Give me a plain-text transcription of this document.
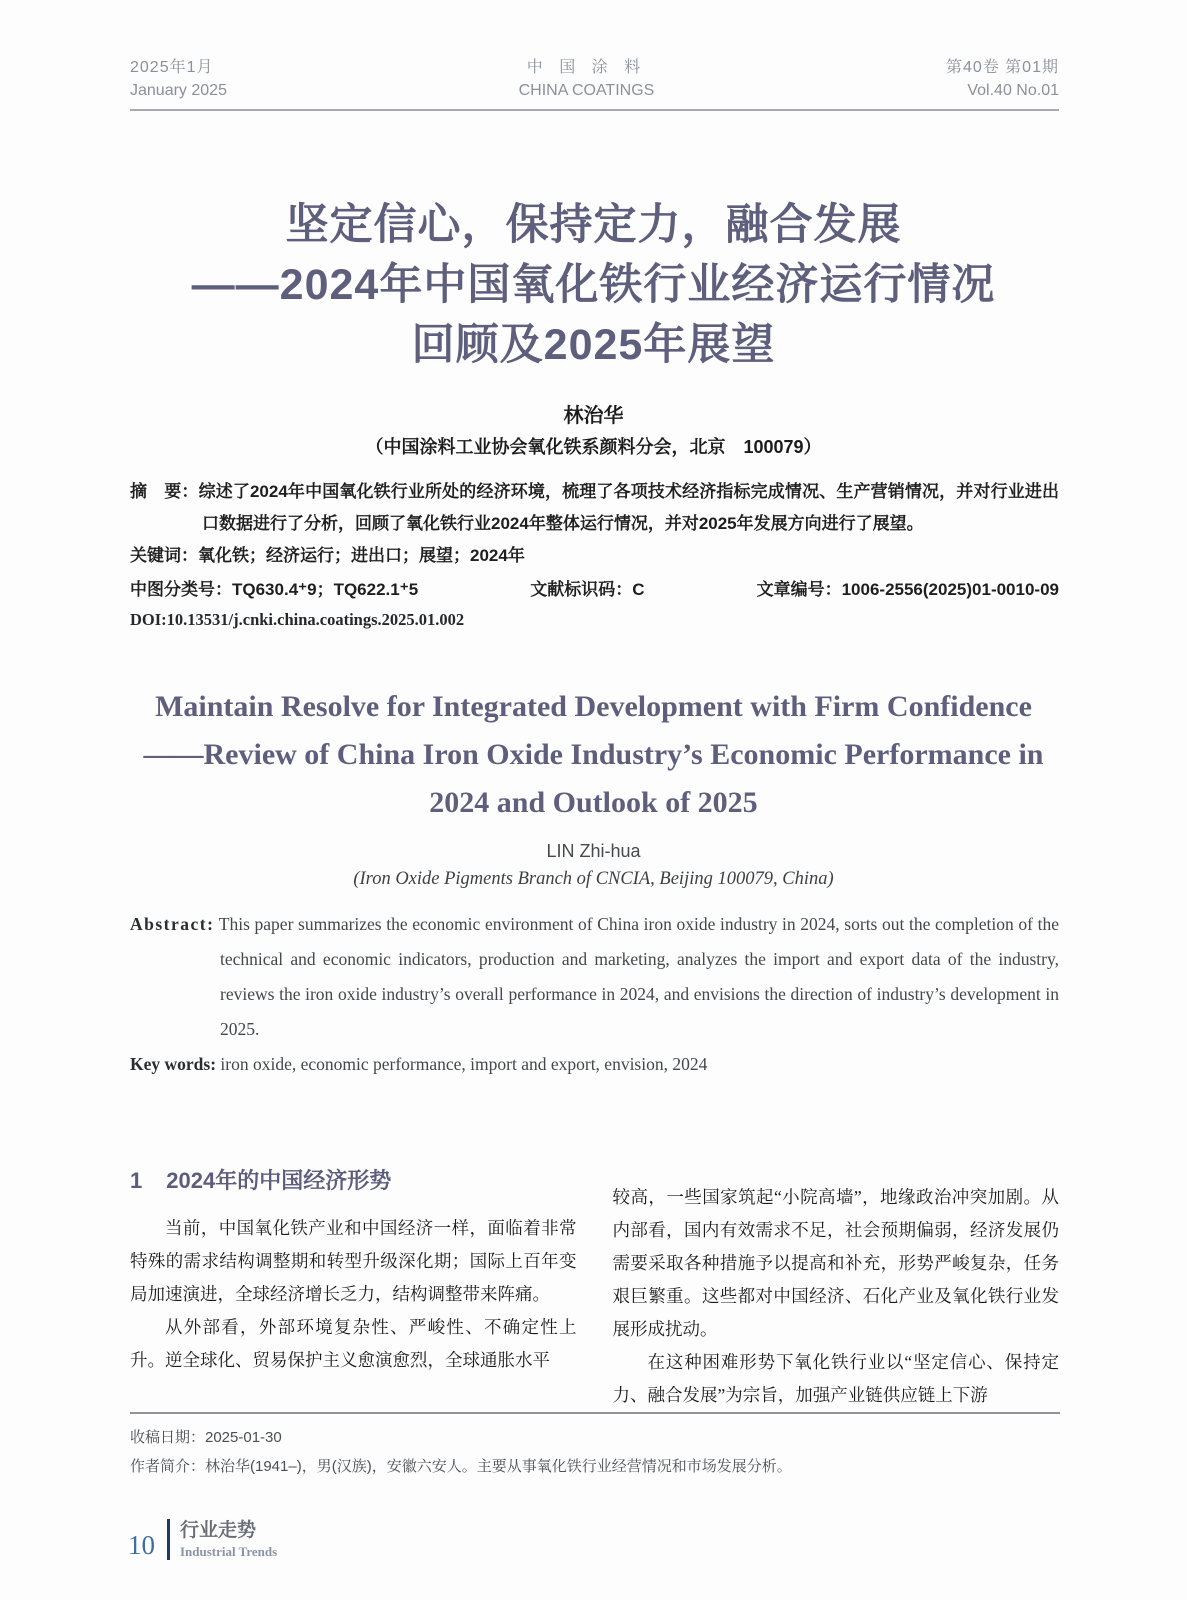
2025年1月
January 2025
中 国 涂 料
CHINA COATINGS
第40卷 第01期
Vol.40 No.01
坚定信心，保持定力，融合发展
——2024年中国氧化铁行业经济运行情况
回顾及2025年展望
林治华
（中国涂料工业协会氧化铁系颜料分会，北京　100079）

摘　要：综述了2024年中国氧化铁行业所处的经济环境，梳理了各项技术经济指标完成情况、生产营销情况，并对行业进出口数据进行了分析，回顾了氧化铁行业2024年整体运行情况，并对2025年发展方向进行了展望。

关键词：氧化铁；经济运行；进出口；展望；2024年

中图分类号：TQ630.4⁺9；TQ622.1⁺5	文献标识码：C	文章编号：1006-2556(2025)01-0010-09
DOI:10.13531/j.cnki.china.coatings.2025.01.002
Maintain Resolve for Integrated Development with Firm Confidence
——Review of China Iron Oxide Industry’s Economic Performance in 2024 and Outlook of 2025
LIN Zhi-hua
(Iron Oxide Pigments Branch of CNCIA, Beijing 100079, China)

Abstract: This paper summarizes the economic environment of China iron oxide industry in 2024, sorts out the completion of the technical and economic indicators, production and marketing, analyzes the import and export data of the industry, reviews the iron oxide industry’s overall performance in 2024, and envisions the direction of industry’s development in 2025.

Key words: iron oxide, economic performance, import and export, envision, 2024

1 2024年的中国经济形势

当前，中国氧化铁产业和中国经济一样，面临着非常特殊的需求结构调整期和转型升级深化期；国际上百年变局加速演进，全球经济增长乏力，结构调整带来阵痛。

从外部看，外部环境复杂性、严峻性、不确定性上升。逆全球化、贸易保护主义愈演愈烈，全球通胀水平

较高，一些国家筑起“小院高墙”，地缘政治冲突加剧。从内部看，国内有效需求不足，社会预期偏弱，经济发展仍需要采取各种措施予以提高和补充，形势严峻复杂，任务艰巨繁重。这些都对中国经济、石化产业及氧化铁行业发展形成扰动。

在这种困难形势下氧化铁行业以“坚定信心、保持定力、融合发展”为宗旨，加强产业链供应链上下游

收稿日期：2025-01-30
作者简介：林治华(1941–)，男(汉族)，安徽六安人。主要从事氧化铁行业经营情况和市场发展分析。
10 行业走势
Industrial Trends
